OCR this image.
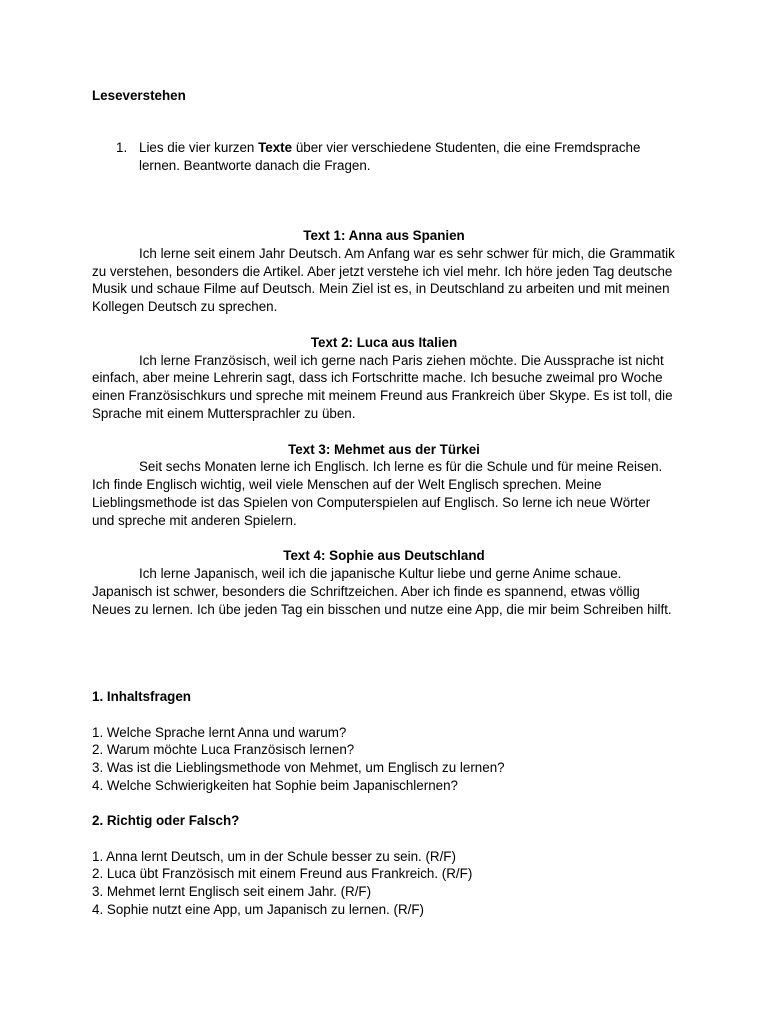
Leseverstehen
1. Lies die vier kurzen Texte über vier verschiedene Studenten, die eine Fremdsprache lernen. Beantworte danach die Fragen.
Text 1: Anna aus Spanien
Ich lerne seit einem Jahr Deutsch. Am Anfang war es sehr schwer für mich, die Grammatik zu verstehen, besonders die Artikel. Aber jetzt verstehe ich viel mehr. Ich höre jeden Tag deutsche Musik und schaue Filme auf Deutsch. Mein Ziel ist es, in Deutschland zu arbeiten und mit meinen Kollegen Deutsch zu sprechen.
Text 2: Luca aus Italien
Ich lerne Französisch, weil ich gerne nach Paris ziehen möchte. Die Aussprache ist nicht einfach, aber meine Lehrerin sagt, dass ich Fortschritte mache. Ich besuche zweimal pro Woche einen Französischkurs und spreche mit meinem Freund aus Frankreich über Skype. Es ist toll, die Sprache mit einem Muttersprachler zu üben.
Text 3: Mehmet aus der Türkei
Seit sechs Monaten lerne ich Englisch. Ich lerne es für die Schule und für meine Reisen. Ich finde Englisch wichtig, weil viele Menschen auf der Welt Englisch sprechen. Meine Lieblingsmethode ist das Spielen von Computerspielen auf Englisch. So lerne ich neue Wörter und spreche mit anderen Spielern.
Text 4: Sophie aus Deutschland
Ich lerne Japanisch, weil ich die japanische Kultur liebe und gerne Anime schaue. Japanisch ist schwer, besonders die Schriftzeichen. Aber ich finde es spannend, etwas völlig Neues zu lernen. Ich übe jeden Tag ein bisschen und nutze eine App, die mir beim Schreiben hilft.
1. Inhaltsfragen
1. Welche Sprache lernt Anna und warum?
2. Warum möchte Luca Französisch lernen?
3. Was ist die Lieblingsmethode von Mehmet, um Englisch zu lernen?
4. Welche Schwierigkeiten hat Sophie beim Japanischlernen?
2. Richtig oder Falsch?
1. Anna lernt Deutsch, um in der Schule besser zu sein. (R/F)
2. Luca übt Französisch mit einem Freund aus Frankreich. (R/F)
3. Mehmet lernt Englisch seit einem Jahr. (R/F)
4. Sophie nutzt eine App, um Japanisch zu lernen. (R/F)
